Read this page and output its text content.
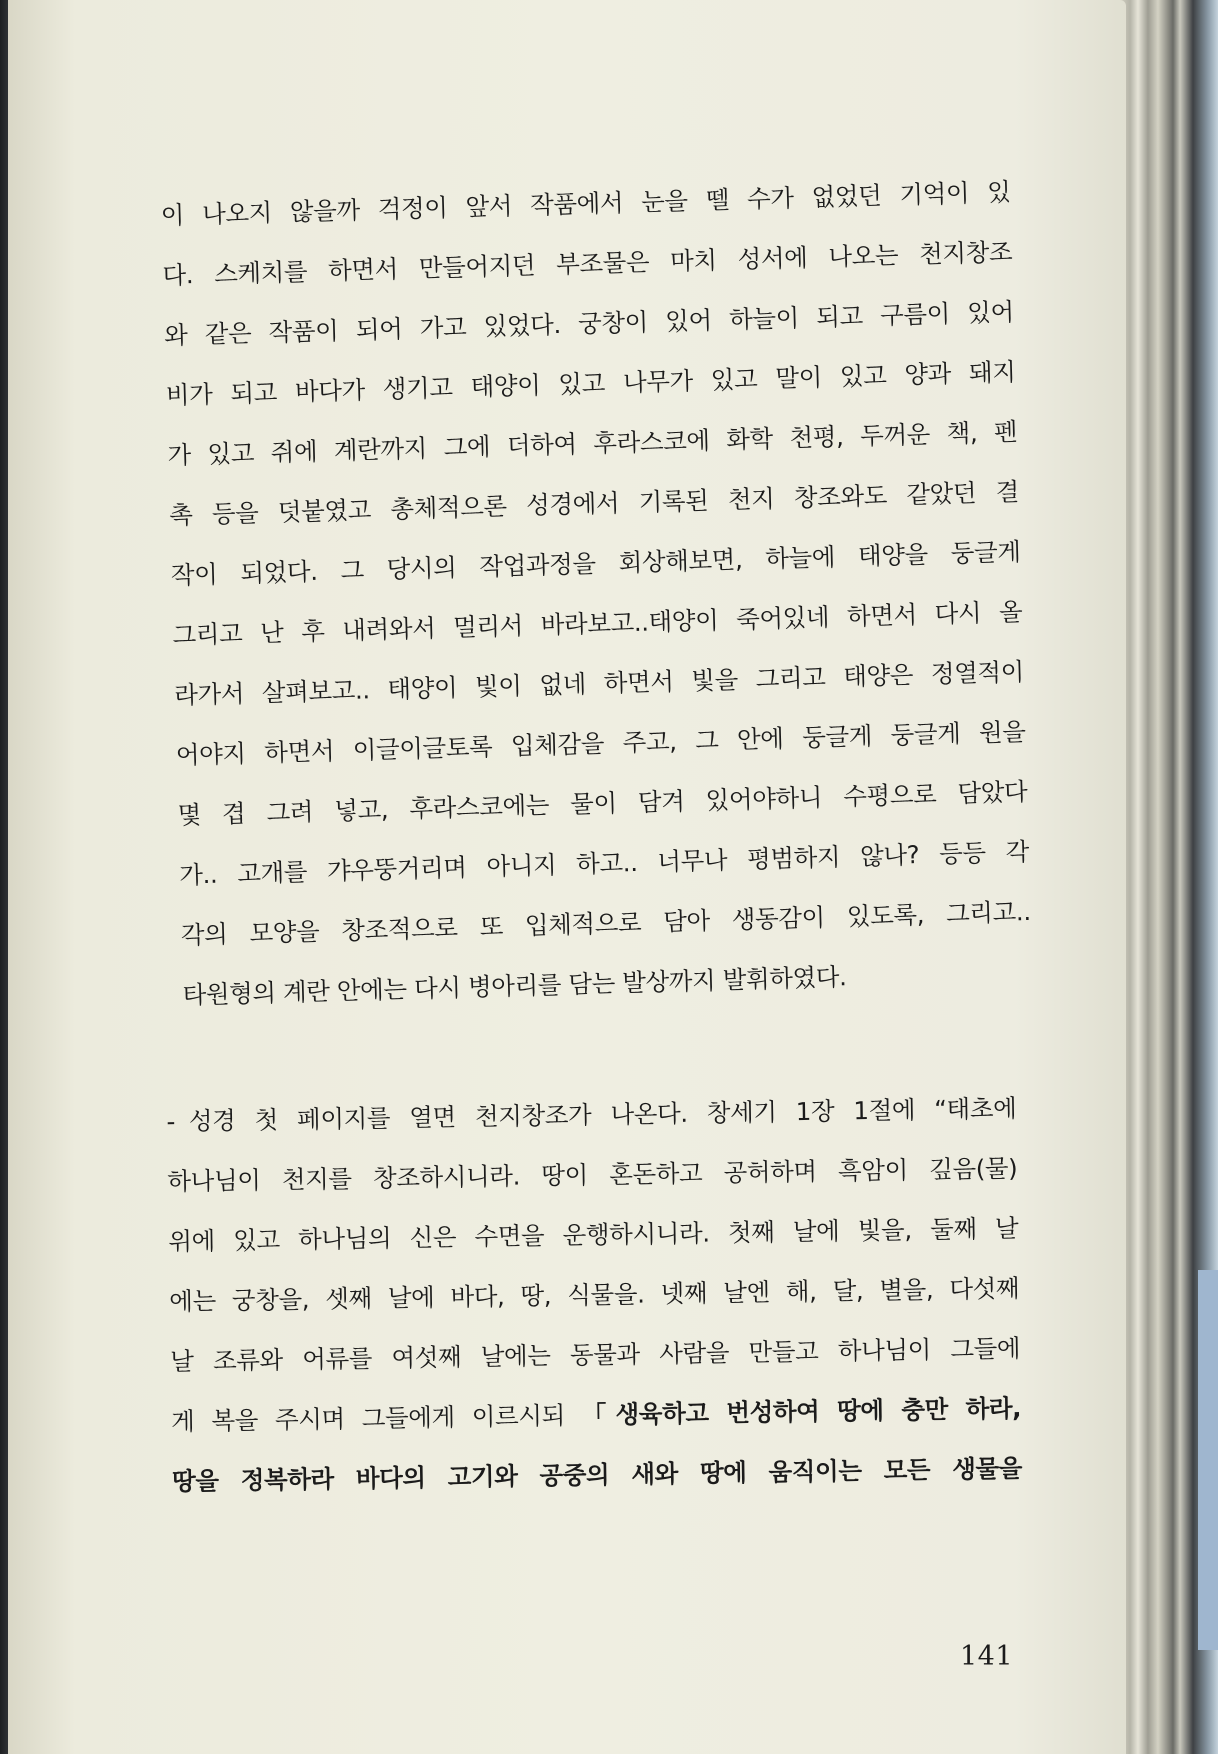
이 나오지 않을까 걱정이 앞서 작품에서 눈을 뗄 수가 없었던 기억이 있
다. 스케치를 하면서 만들어지던 부조물은 마치 성서에 나오는 천지창조
와 같은 작품이 되어 가고 있었다. 궁창이 있어 하늘이 되고 구름이 있어
비가 되고 바다가 생기고 태양이 있고 나무가 있고 말이 있고 양과 돼지
가 있고 쥐에 계란까지 그에 더하여 후라스코에 화학 천평, 두꺼운 책, 펜
촉 등을 덧붙였고 총체적으론 성경에서 기록된 천지 창조와도 같았던 결
작이 되었다. 그 당시의 작업과정을 회상해보면, 하늘에 태양을 둥글게
그리고 난 후 내려와서 멀리서 바라보고..태양이 죽어있네 하면서 다시 올
라가서 살펴보고.. 태양이 빛이 없네 하면서 빛을 그리고 태양은 정열적이
어야지 하면서 이글이글토록 입체감을 주고, 그 안에 둥글게 둥글게 원을
몇 겹 그려 넣고, 후라스코에는 물이 담겨 있어야하니 수평으로 담았다
가.. 고개를 갸우뚱거리며 아니지 하고.. 너무나 평범하지 않나? 등등 각
각의 모양을 창조적으로 또 입체적으로 담아 생동감이 있도록, 그리고..
타원형의 계란 안에는 다시 병아리를 담는 발상까지 발휘하였다.
- 성경 첫 페이지를 열면 천지창조가 나온다. 창세기 1장 1절에 “태초에
하나님이 천지를 창조하시니라. 땅이 혼돈하고 공허하며 흑암이 깊음(물)
위에 있고 하나님의 신은 수면을 운행하시니라. 첫째 날에 빛을, 둘째 날
에는 궁창을, 셋째 날에 바다, 땅, 식물을. 넷째 날엔 해, 달, 별을, 다섯째
날 조류와 어류를 여섯째 날에는 동물과 사람을 만들고 하나님이 그들에
게 복을 주시며 그들에게 이르시되 「생육하고 번성하여 땅에 충만 하라,
땅을 정복하라 바다의 고기와 공중의 새와 땅에 움직이는 모든 생물을
141
